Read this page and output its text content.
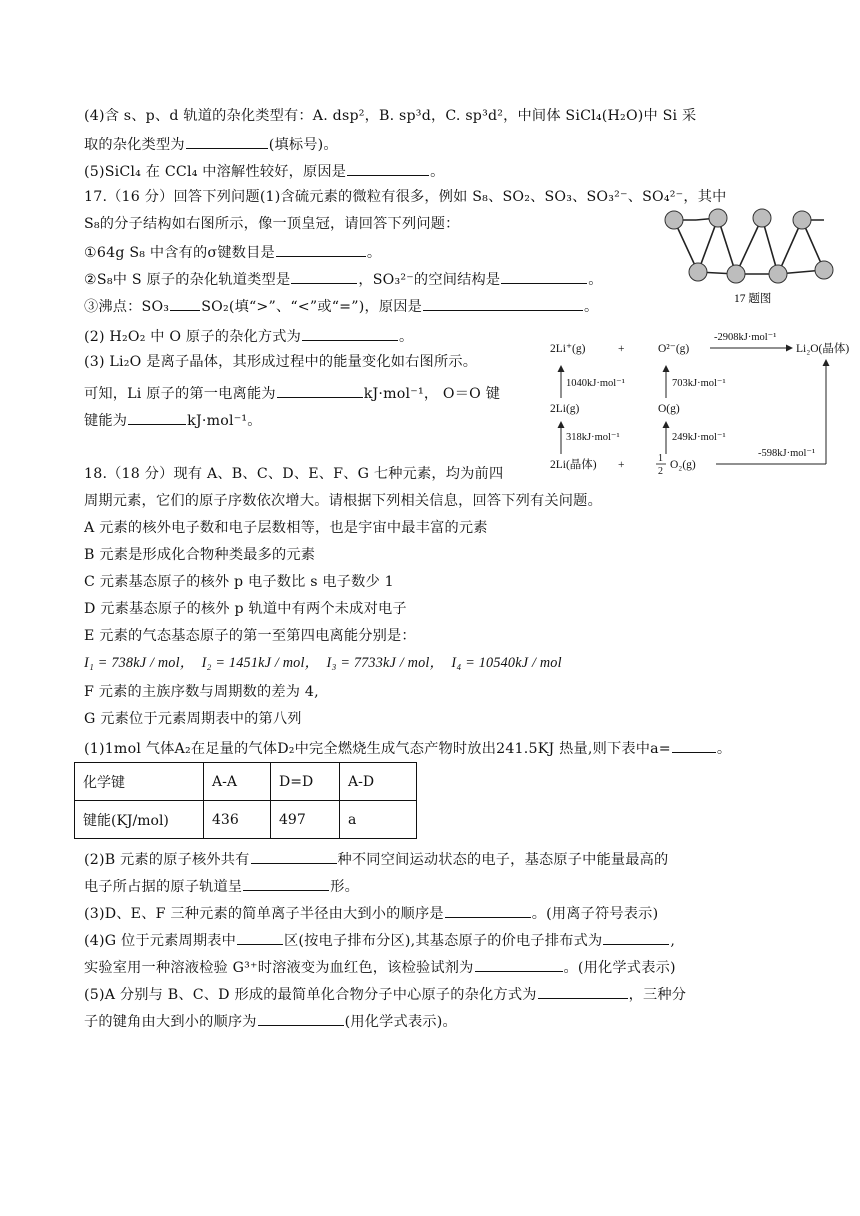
(4)含 s、p、d 轨道的杂化类型有：A. dsp²，B. sp³d，C. sp³d²，中间体 SiCl₄(H₂O)中 Si 采
取的杂化类型为	(填标号)。
(5)SiCl₄ 在 CCl₄ 中溶解性较好，原因是	。
17.（16 分）回答下列问题(1)含硫元素的微粒有很多，例如 S₈、SO₂、SO₃、SO₃²⁻、SO₄²⁻，其中
S₈的分子结构如右图所示，像一顶皇冠，请回答下列问题：
①64g S₈ 中含有的σ键数目是	。
②S₈中 S 原子的杂化轨道类型是	，SO₃²⁻的空间结构是	。
③沸点：SO₃ SO₂(填“>”、“<”或“=”)，原因是	。
(2) H₂O₂ 中 O 原子的杂化方式为	。
(3) Li₂O 是离子晶体，其形成过程中的能量变化如右图所示。
可知，Li 原子的第一电离能为	kJ·mol⁻¹， O＝O 键
键能为	kJ·mol⁻¹。
17 题图
2Li⁺(g)	+	O²⁻(g)
-2908kJ·mol⁻¹
Li₂O(晶体)
1040kJ·mol⁻¹	703kJ·mol⁻¹
2Li(g)	O(g)
318kJ·mol⁻¹	249kJ·mol⁻¹
2Li(晶体) +
1
2
O₂(g)
-598kJ·mol⁻¹
18.（18 分）现有 A、B、C、D、E、F、G 七种元素，均为前四
周期元素，它们的原子序数依次增大。请根据下列相关信息，回答下列有关问题。
A 元素的核外电子数和电子层数相等，也是宇宙中最丰富的元素
B 元素是形成化合物种类最多的元素
C 元素基态原子的核外 p 电子数比 s 电子数少 1
D 元素基态原子的核外 p 轨道中有两个未成对电子
E 元素的气态基态原子的第一至第四电离能分别是：
I₁ = 738kJ / mol， I₂ = 1451kJ / mol， I₃ = 7733kJ / mol， I₄ = 10540kJ / mol
F 元素的主族序数与周期数的差为 4,
G 元素位于元素周期表中的第八列
(1)1mol 气体A₂在足量的气体D₂中完全燃烧生成气态产物时放出241.5KJ 热量,则下表中a=	。
化学键	A-A	D=D	A-D
键能(KJ/mol)	436	497	a
(2)B 元素的原子核外共有	种不同空间运动状态的电子，基态原子中能量最高的
电子所占据的原子轨道呈	形。
(3)D、E、F 三种元素的简单离子半径由大到小的顺序是	。(用离子符号表示)
(4)G 位于元素周期表中	区(按电子排布分区),其基态原子的价电子排布式为	,
实验室用一种溶液检验 G³⁺时溶液变为血红色，该检验试剂为	。(用化学式表示)
(5)A 分别与 B、C、D 形成的最简单化合物分子中心原子的杂化方式为	，三种分
子的键角由大到小的顺序为	(用化学式表示)。
